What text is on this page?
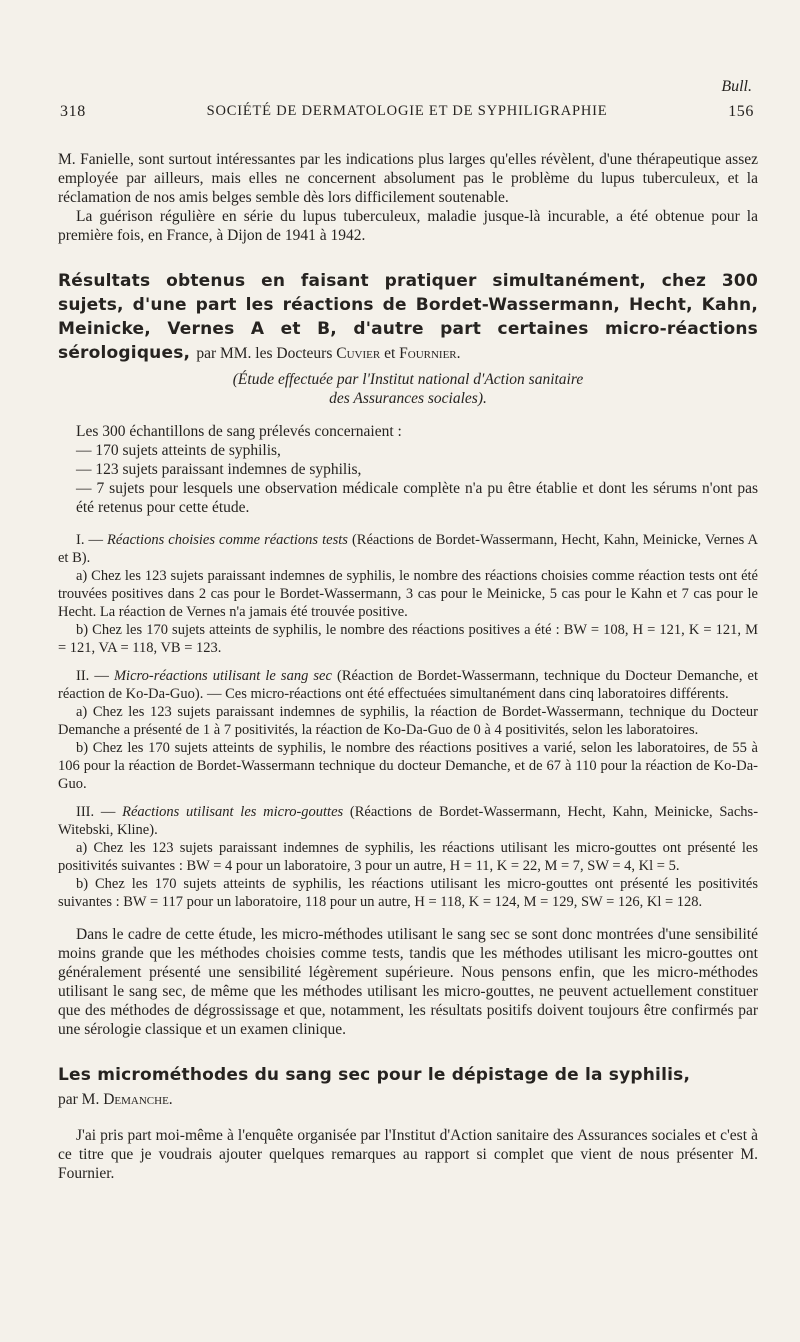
Bull.
318	SOCIÉTÉ DE DERMATOLOGIE ET DE SYPHILIGRAPHIE	156

M. Fanielle, sont surtout intéressantes par les indications plus larges qu'elles révèlent, d'une thérapeutique assez employée par ailleurs, mais elles ne concernent absolument pas le problème du lupus tuberculeux, et la réclamation de nos amis belges semble dès lors difficilement soutenable.

La guérison régulière en série du lupus tuberculeux, maladie jusque-là incurable, a été obtenue pour la première fois, en France, à Dijon de 1941 à 1942.

Résultats obtenus en faisant pratiquer simultanément, chez 300 sujets, d'une part les réactions de Bordet-Wassermann, Hecht, Kahn, Meinicke, Vernes A et B, d'autre part certaines micro-réactions sérologiques, par MM. les Docteurs Cuvier et Fournier.

(Étude effectuée par l'Institut national d'Action sanitaire

des Assurances sociales).

Les 300 échantillons de sang prélevés concernaient :

— 170 sujets atteints de syphilis,

— 123 sujets paraissant indemnes de syphilis,

— 7 sujets pour lesquels une observation médicale complète n'a pu être établie et dont les sérums n'ont pas été retenus pour cette étude.

I. — Réactions choisies comme réactions tests (Réactions de Bordet-Wassermann, Hecht, Kahn, Meinicke, Vernes A et B).

a) Chez les 123 sujets paraissant indemnes de syphilis, le nombre des réactions choisies comme réaction tests ont été trouvées positives dans 2 cas pour le Bordet-Wassermann, 3 cas pour le Meinicke, 5 cas pour le Kahn et 7 cas pour le Hecht. La réaction de Vernes n'a jamais été trouvée positive.

b) Chez les 170 sujets atteints de syphilis, le nombre des réactions positives a été : BW = 108, H = 121, K = 121, M = 121, VA = 118, VB = 123.

II. — Micro-réactions utilisant le sang sec (Réaction de Bordet-Wassermann, technique du Docteur Demanche, et réaction de Ko-Da-Guo). — Ces micro-réactions ont été effectuées simultanément dans cinq laboratoires différents.

a) Chez les 123 sujets paraissant indemnes de syphilis, la réaction de Bordet-Wassermann, technique du Docteur Demanche a présenté de 1 à 7 positivités, la réaction de Ko-Da-Guo de 0 à 4 positivités, selon les laboratoires.

b) Chez les 170 sujets atteints de syphilis, le nombre des réactions positives a varié, selon les laboratoires, de 55 à 106 pour la réaction de Bordet-Wassermann technique du docteur Demanche, et de 67 à 110 pour la réaction de Ko-Da-Guo.

III. — Réactions utilisant les micro-gouttes (Réactions de Bordet-Wassermann, Hecht, Kahn, Meinicke, Sachs-Witebski, Kline).

a) Chez les 123 sujets paraissant indemnes de syphilis, les réactions utilisant les micro-gouttes ont présenté les positivités suivantes : BW = 4 pour un laboratoire, 3 pour un autre, H = 11, K = 22, M = 7, SW = 4, Kl = 5.

b) Chez les 170 sujets atteints de syphilis, les réactions utilisant les micro-gouttes ont présenté les positivités suivantes : BW = 117 pour un laboratoire, 118 pour un autre, H = 118, K = 124, M = 129, SW = 126, Kl = 128.

Dans le cadre de cette étude, les micro-méthodes utilisant le sang sec se sont donc montrées d'une sensibilité moins grande que les méthodes choisies comme tests, tandis que les méthodes utilisant les micro-gouttes ont généralement présenté une sensibilité légèrement supérieure. Nous pensons enfin, que les micro-méthodes utilisant le sang sec, de même que les méthodes utilisant les micro-gouttes, ne peuvent actuellement constituer que des méthodes de dégrossissage et que, notamment, les résultats positifs doivent toujours être confirmés par une sérologie classique et un examen clinique.

Les microméthodes du sang sec pour le dépistage de la syphilis,
par M. Demanche.

J'ai pris part moi-même à l'enquête organisée par l'Institut d'Action sanitaire des Assurances sociales et c'est à ce titre que je voudrais ajouter quelques remarques au rapport si complet que vient de nous présenter M. Fournier.
